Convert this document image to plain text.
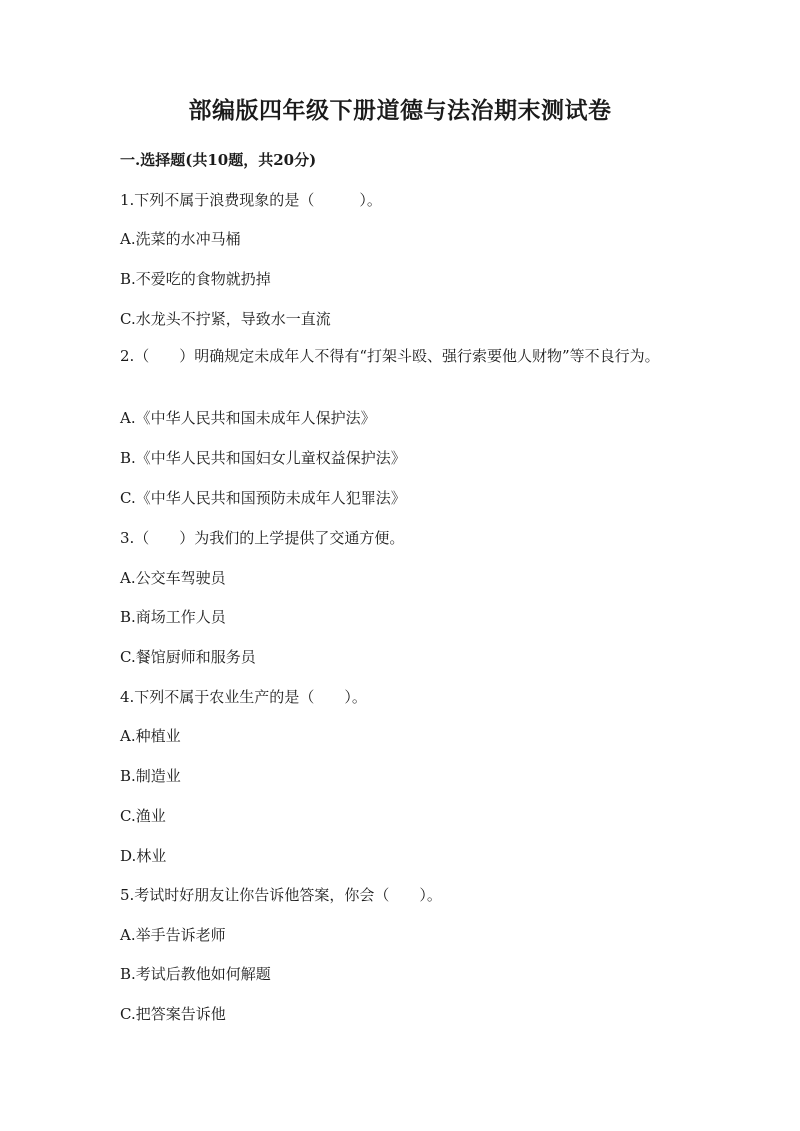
部编版四年级下册道德与法治期末测试卷
一.选择题(共10题，共20分)
1.下列不属于浪费现象的是（　　　）。
A.洗菜的水冲马桶
B.不爱吃的食物就扔掉
C.水龙头不拧紧，导致水一直流
2.（　　）明确规定未成年人不得有“打架斗殴、强行索要他人财物”等不良行为。
A.《中华人民共和国未成年人保护法》
B.《中华人民共和国妇女儿童权益保护法》
C.《中华人民共和国预防未成年人犯罪法》
3.（　　）为我们的上学提供了交通方便。
A.公交车驾驶员
B.商场工作人员
C.餐馆厨师和服务员
4.下列不属于农业生产的是（　　）。
A.种植业
B.制造业
C.渔业
D.林业
5.考试时好朋友让你告诉他答案，你会（　　）。
A.举手告诉老师
B.考试后教他如何解题
C.把答案告诉他
